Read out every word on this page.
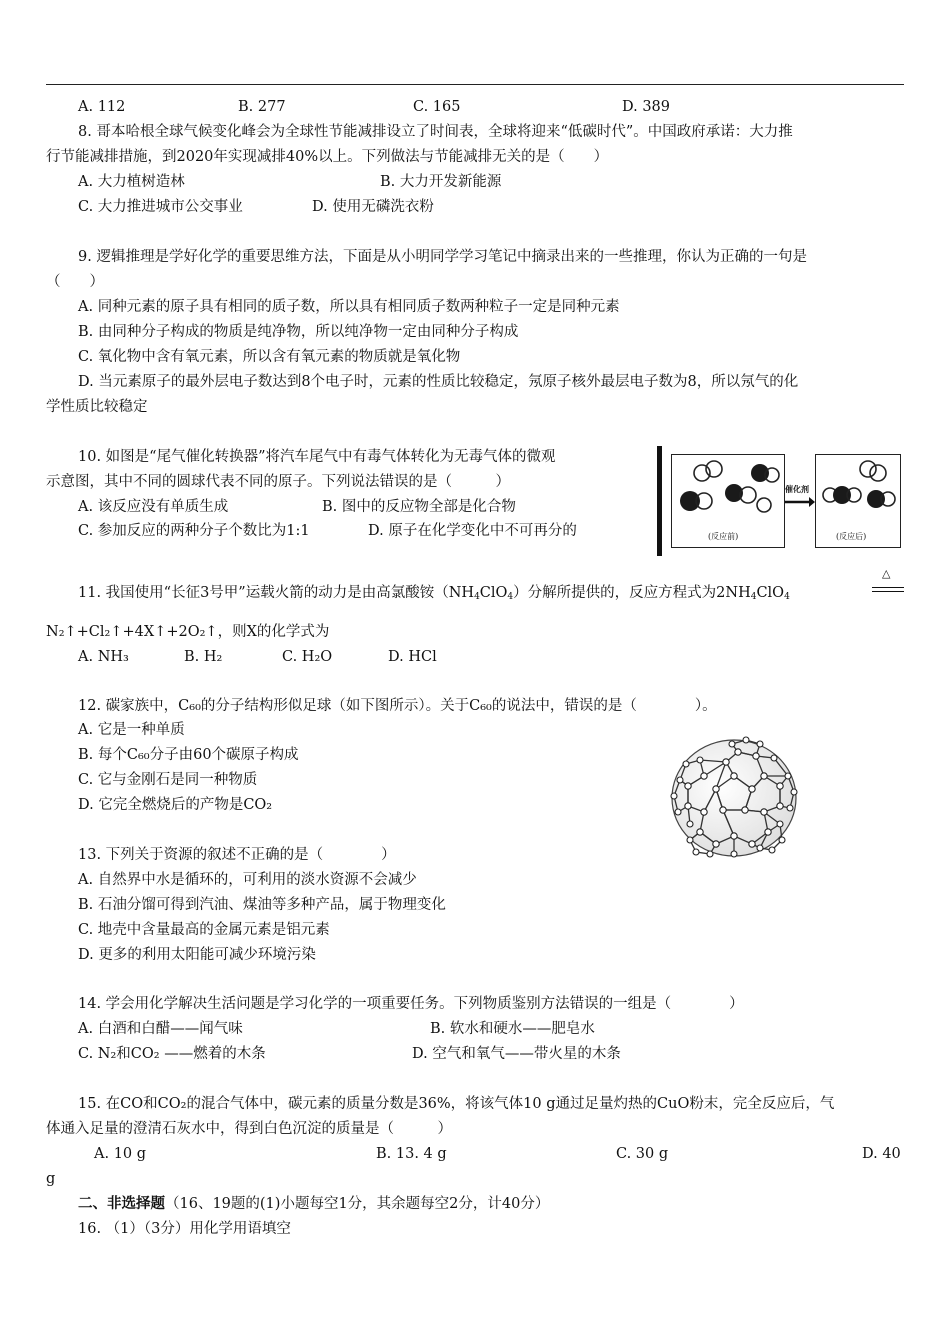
A. 112	B. 277	C. 165	D. 389
8. 哥本哈根全球气候变化峰会为全球性节能减排设立了时间表，全球将迎来“低碳时代”。中国政府承诺：大力推
行节能减排措施，到2020年实现减排40%以上。下列做法与节能减排无关的是（　　）
A. 大力植树造林	B. 大力开发新能源
C. 大力推进城市公交事业	D. 使用无磷洗衣粉
9. 逻辑推理是学好化学的重要思维方法，下面是从小明同学学习笔记中摘录出来的一些推理，你认为正确的一句是
（　　）
A. 同种元素的原子具有相同的质子数，所以具有相同质子数两种粒子一定是同种元素
B. 由同种分子构成的物质是纯净物，所以纯净物一定由同种分子构成
C. 氧化物中含有氧元素，所以含有氧元素的物质就是氧化物
D. 当元素原子的最外层电子数达到8个电子时，元素的性质比较稳定，氖原子核外最层电子数为8，所以氖气的化
学性质比较稳定
10. 如图是“尾气催化转换器”将汽车尾气中有毒气体转化为无毒气体的微观
示意图，其中不同的圆球代表不同的原子。下列说法错误的是（　　　）
A. 该反应没有单质生成	B. 图中的反应物全部是化合物
C. 参加反应的两种分子个数比为1:1	D. 原子在化学变化中不可再分的	(反应前)
催化剂
(反应后)
11. 我国使用“长征3号甲”运载火箭的动力是由高氯酸铵$(NH_4ClO_4)$分解所提供的，反应方程式为$2NH_4ClO_4$
△
N₂↑+Cl₂↑+4X↑+2O₂↑，则X的化学式为
A. NH₃	B. H₂	C. H₂O	D. HCl
12. 碳家族中，C₆₀的分子结构形似足球（如下图所示）。关于C₆₀的说法中，错误的是（　　　　）。
A. 它是一种单质
B. 每个C₆₀分子由60个碳原子构成
C. 它与金刚石是同一种物质
D. 它完全燃烧后的产物是CO₂
13. 下列关于资源的叙述不正确的是（　　　　）
A. 自然界中水是循环的，可利用的淡水资源不会减少
B. 石油分馏可得到汽油、煤油等多种产品，属于物理变化
C. 地壳中含量最高的金属元素是铝元素
D. 更多的利用太阳能可减少环境污染
14. 学会用化学解决生活问题是学习化学的一项重要任务。下列物质鉴别方法错误的一组是（　　　　）
A. 白酒和白醋——闻气味	B. 软水和硬水——肥皂水
C. N₂和CO₂ ——燃着的木条	D. 空气和氧气——带火星的木条
15. 在CO和CO₂的混合气体中，碳元素的质量分数是36%，将该气体10 g通过足量灼热的CuO粉末，完全反应后，气
体通入足量的澄清石灰水中，得到白色沉淀的质量是（　　　）
A. 10 g	B. 13. 4 g	C. 30 g	D. 40
g
二、非选择题（16、19题的(1)小题每空1分，其余题每空2分，计40分）
16. （1）（3分）用化学用语填空
